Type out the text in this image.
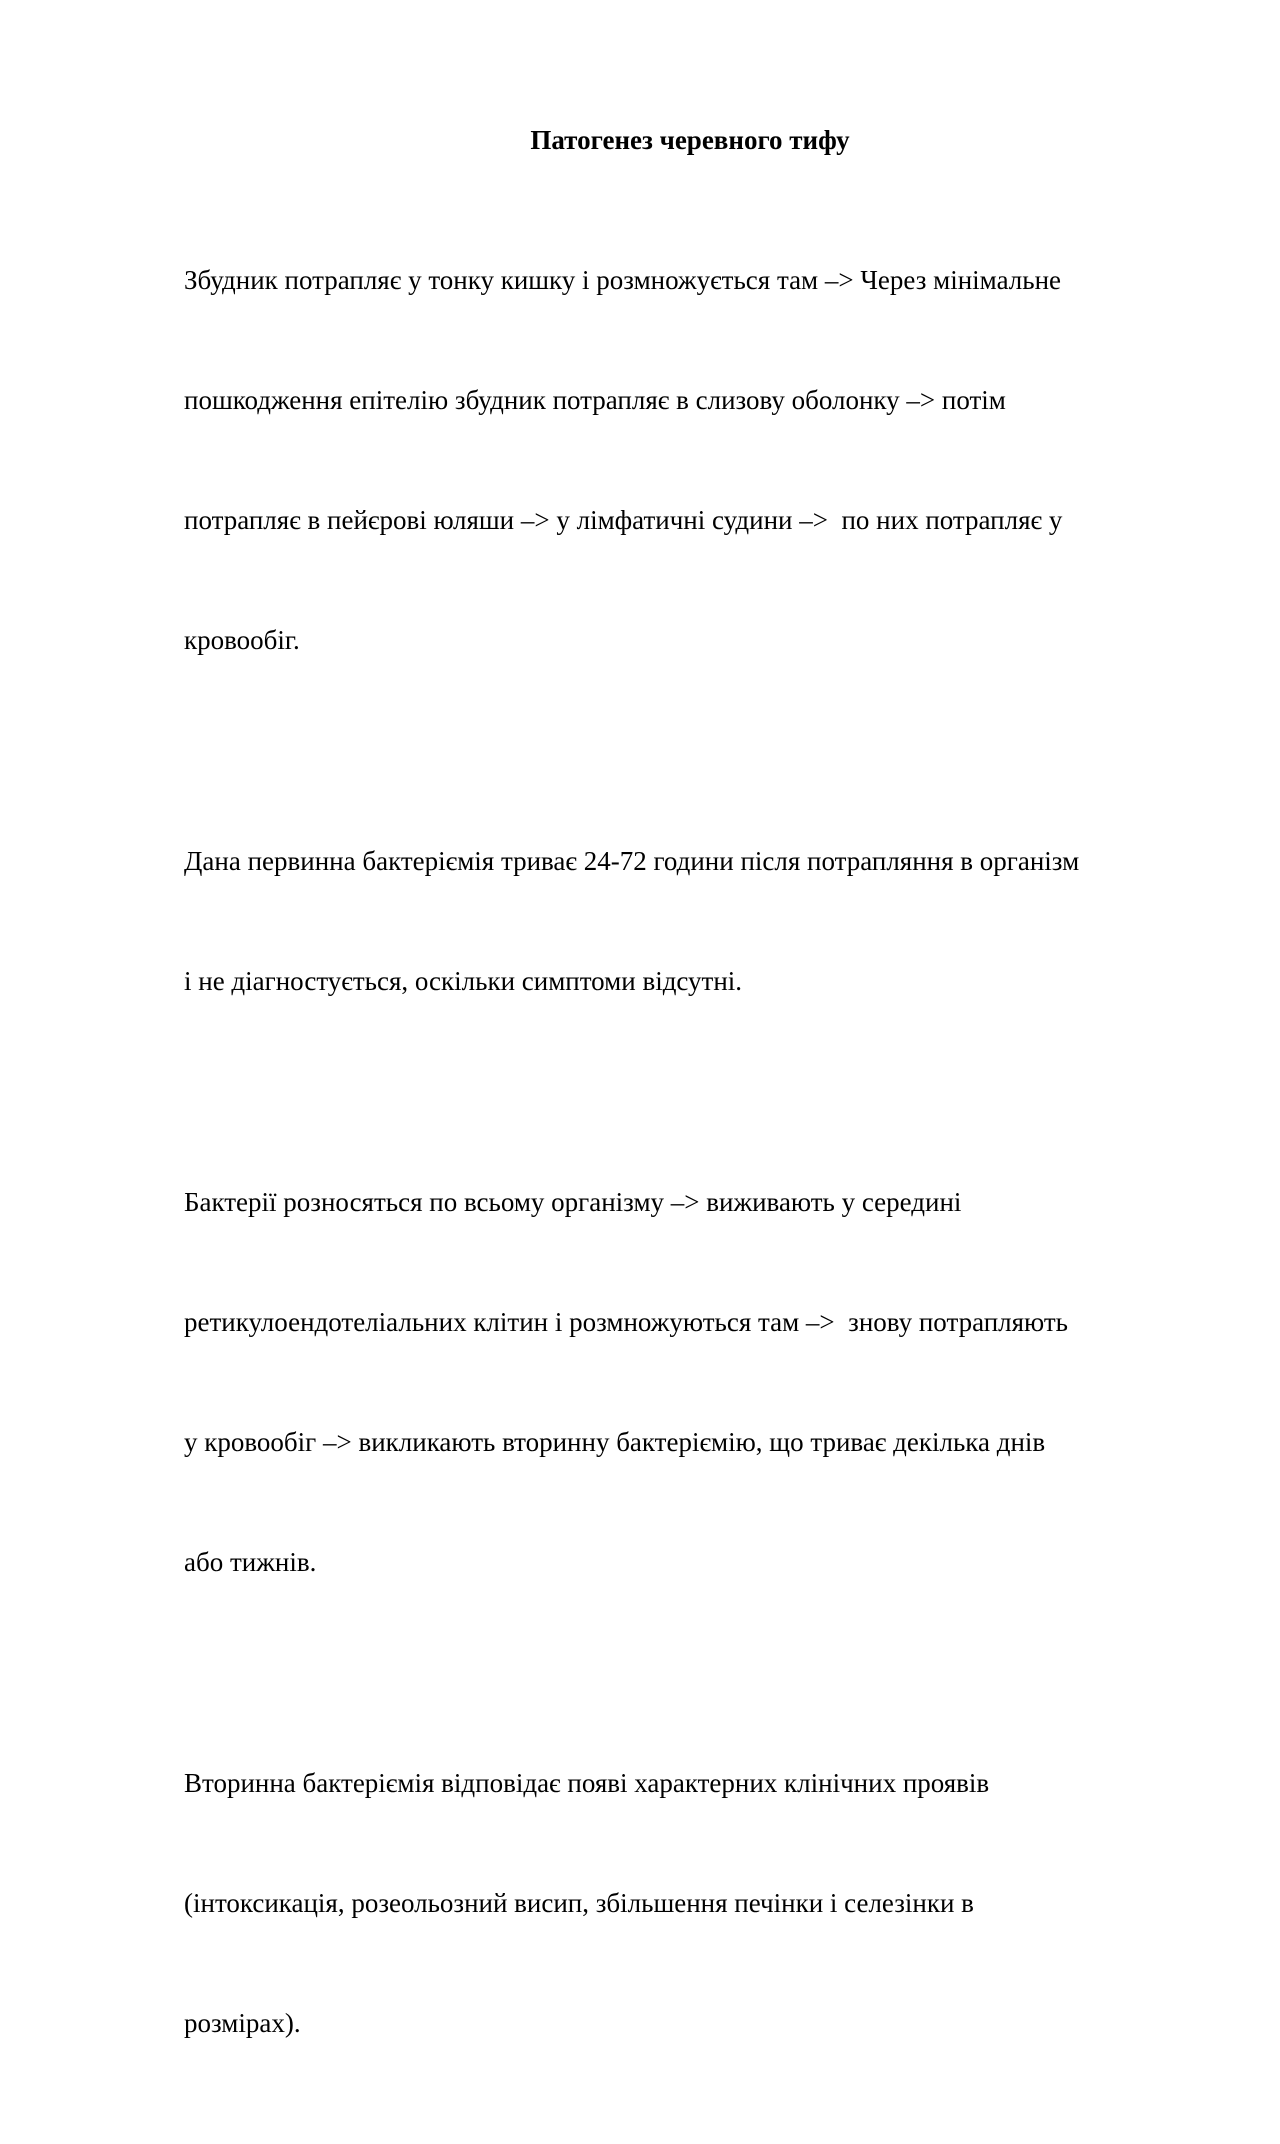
Патогенез черевного тифу

Збудник потрапляє у тонку кишку і розмножується там –> Через мінімальне

пошкодження епітелію збудник потрапляє в слизову оболонку –> потім

потрапляє в пейєрові юляши –> у лімфатичні судини –>  по них потрапляє у

кровообіг.

Дана первинна бактеріємія триває 24-72 години після потрапляння в організм

і не діагностується, оскільки симптоми відсутні.

Бактерії розносяться по всьому організму –> виживають у середині

ретикулоендотеліальних клітин і розмножуються там –>  знову потрапляють

у кровообіг –> викликають вторинну бактеріємію, що триває декілька днів

або тижнів.

Вторинна бактеріємія відповідає появі характерних клінічних проявів

(інтоксикація, розеольозний висип, збільшення печінки і селезінки в

розмірах).
